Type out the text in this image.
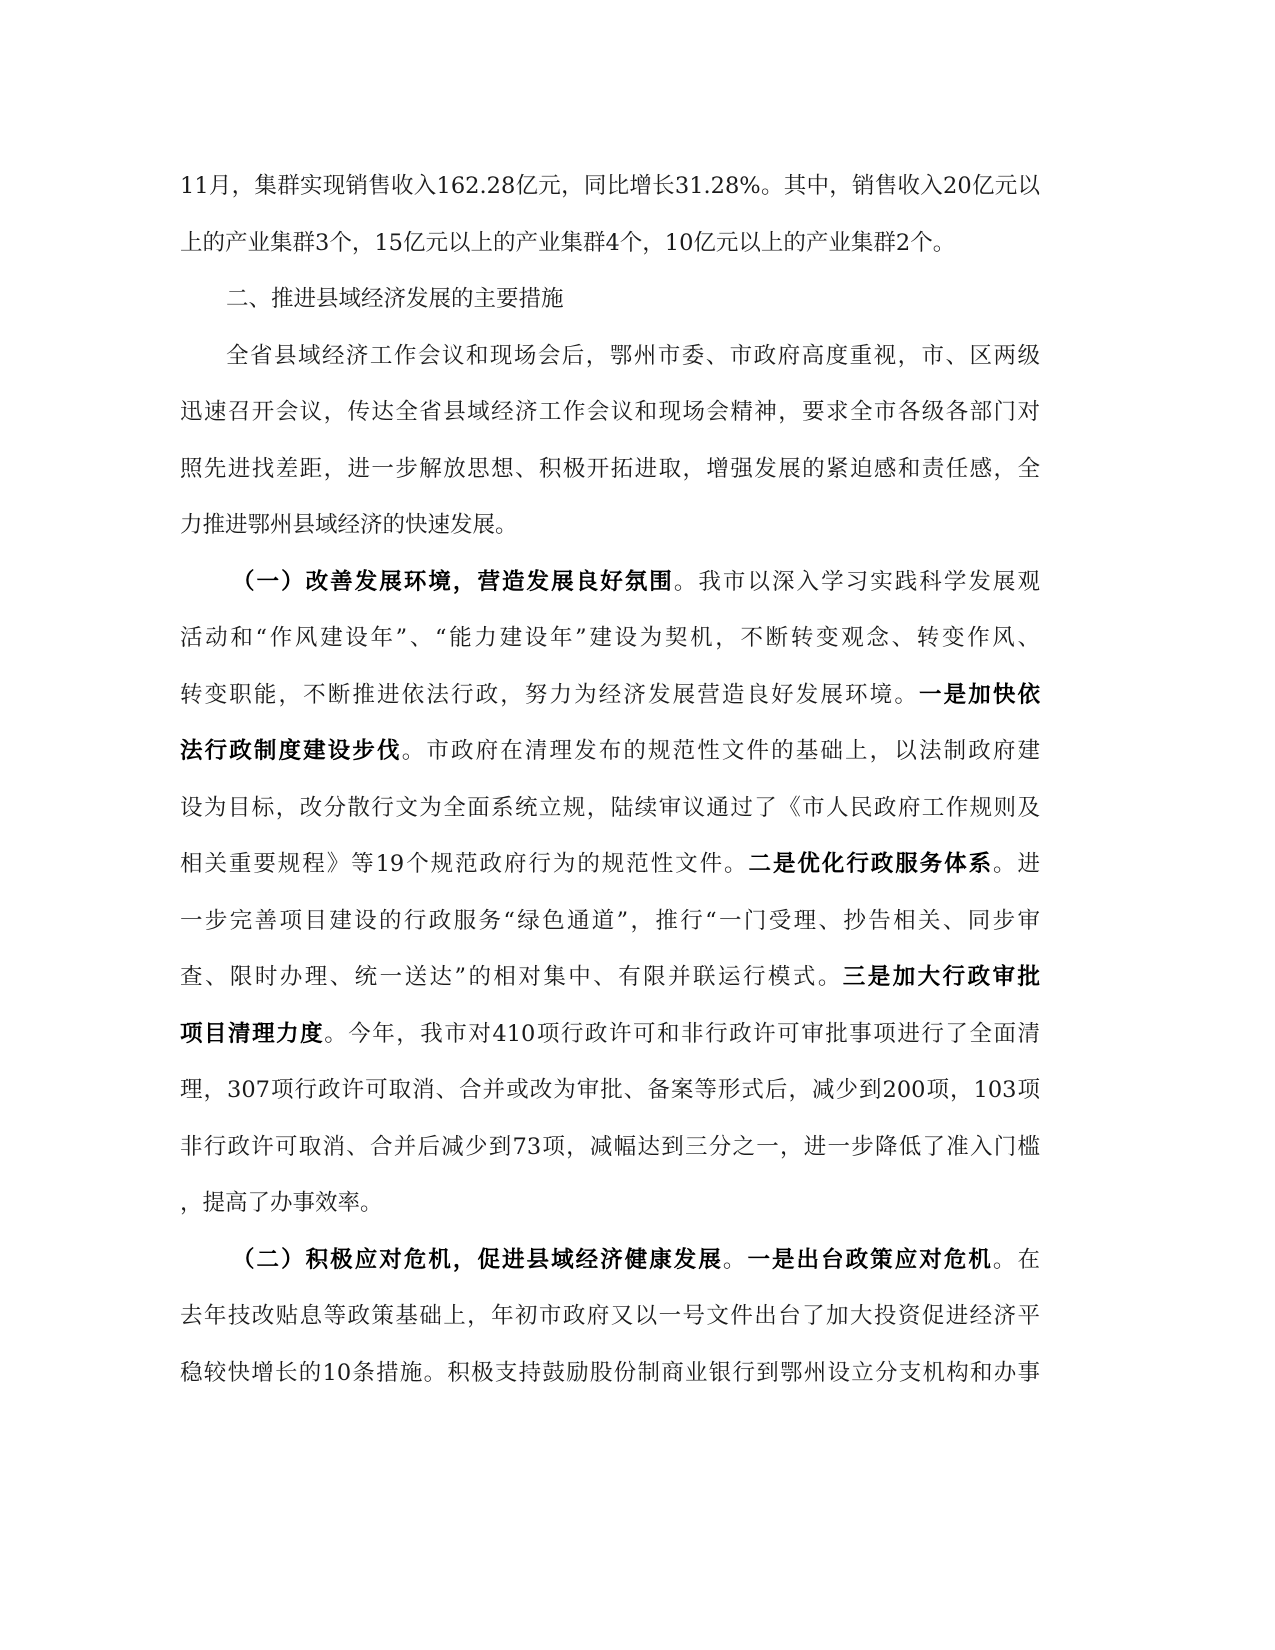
11月，集群实现销售收入162.28亿元，同比增长31.28%。其中，销售收入20亿元以
上的产业集群3个，15亿元以上的产业集群4个，10亿元以上的产业集群2个。
二、推进县域经济发展的主要措施
全省县域经济工作会议和现场会后，鄂州市委、市政府高度重视，市、区两级
迅速召开会议，传达全省县域经济工作会议和现场会精神，要求全市各级各部门对
照先进找差距，进一步解放思想、积极开拓进取，增强发展的紧迫感和责任感，全
力推进鄂州县域经济的快速发展。
（一）改善发展环境，营造发展良好氛围。我市以深入学习实践科学发展观
活动和“作风建设年”、“能力建设年”建设为契机，不断转变观念、转变作风、
转变职能，不断推进依法行政，努力为经济发展营造良好发展环境。一是加快依
法行政制度建设步伐。市政府在清理发布的规范性文件的基础上，以法制政府建
设为目标，改分散行文为全面系统立规，陆续审议通过了《市人民政府工作规则及
相关重要规程》等19个规范政府行为的规范性文件。二是优化行政服务体系。进
一步完善项目建设的行政服务“绿色通道”，推行“一门受理、抄告相关、同步审
查、限时办理、统一送达”的相对集中、有限并联运行模式。三是加大行政审批
项目清理力度。今年，我市对410项行政许可和非行政许可审批事项进行了全面清
理，307项行政许可取消、合并或改为审批、备案等形式后，减少到200项，103项
非行政许可取消、合并后减少到73项，减幅达到三分之一，进一步降低了准入门槛
，提高了办事效率。
（二）积极应对危机，促进县域经济健康发展。一是出台政策应对危机。在
去年技改贴息等政策基础上，年初市政府又以一号文件出台了加大投资促进经济平
稳较快增长的10条措施。积极支持鼓励股份制商业银行到鄂州设立分支机构和办事
